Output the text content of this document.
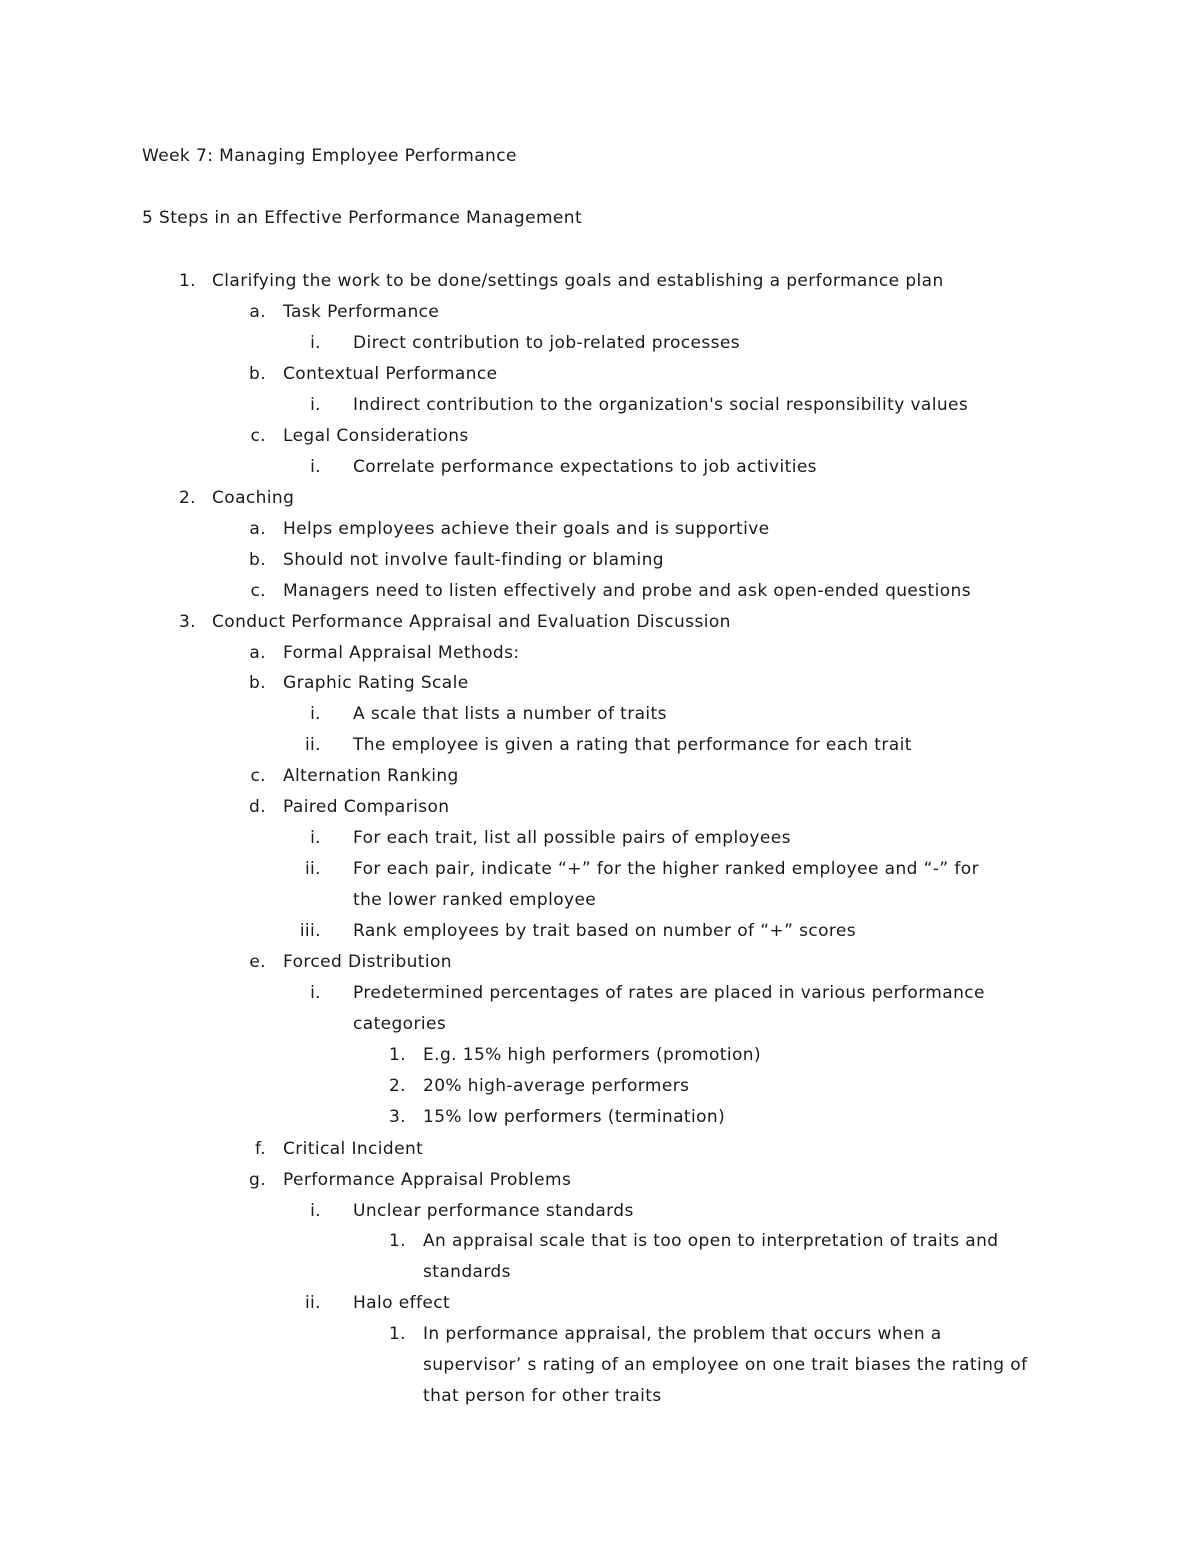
Week 7: Managing Employee Performance
5 Steps in an Effective Performance Management
1. Clarifying the work to be done/settings goals and establishing a performance plan
a. Task Performance
i. Direct contribution to job-related processes
b. Contextual Performance
i. Indirect contribution to the organization's social responsibility values
c. Legal Considerations
i. Correlate performance expectations to job activities
2. Coaching
a. Helps employees achieve their goals and is supportive
b. Should not involve fault-finding or blaming
c. Managers need to listen effectively and probe and ask open-ended questions
3. Conduct Performance Appraisal and Evaluation Discussion
a. Formal Appraisal Methods:
b. Graphic Rating Scale
i. A scale that lists a number of traits
ii. The employee is given a rating that performance for each trait
c. Alternation Ranking
d. Paired Comparison
i. For each trait, list all possible pairs of employees
ii. For each pair, indicate “+” for the higher ranked employee and “-” for
the lower ranked employee
iii. Rank employees by trait based on number of “+” scores
e. Forced Distribution
i. Predetermined percentages of rates are placed in various performance
categories
1. E.g. 15% high performers (promotion)
2. 20% high-average performers
3. 15% low performers (termination)
f. Critical Incident
g. Performance Appraisal Problems
i. Unclear performance standards
1. An appraisal scale that is too open to interpretation of traits and
standards
ii. Halo effect
1. In performance appraisal, the problem that occurs when a
supervisor’ s rating of an employee on one trait biases the rating of
that person for other traits
